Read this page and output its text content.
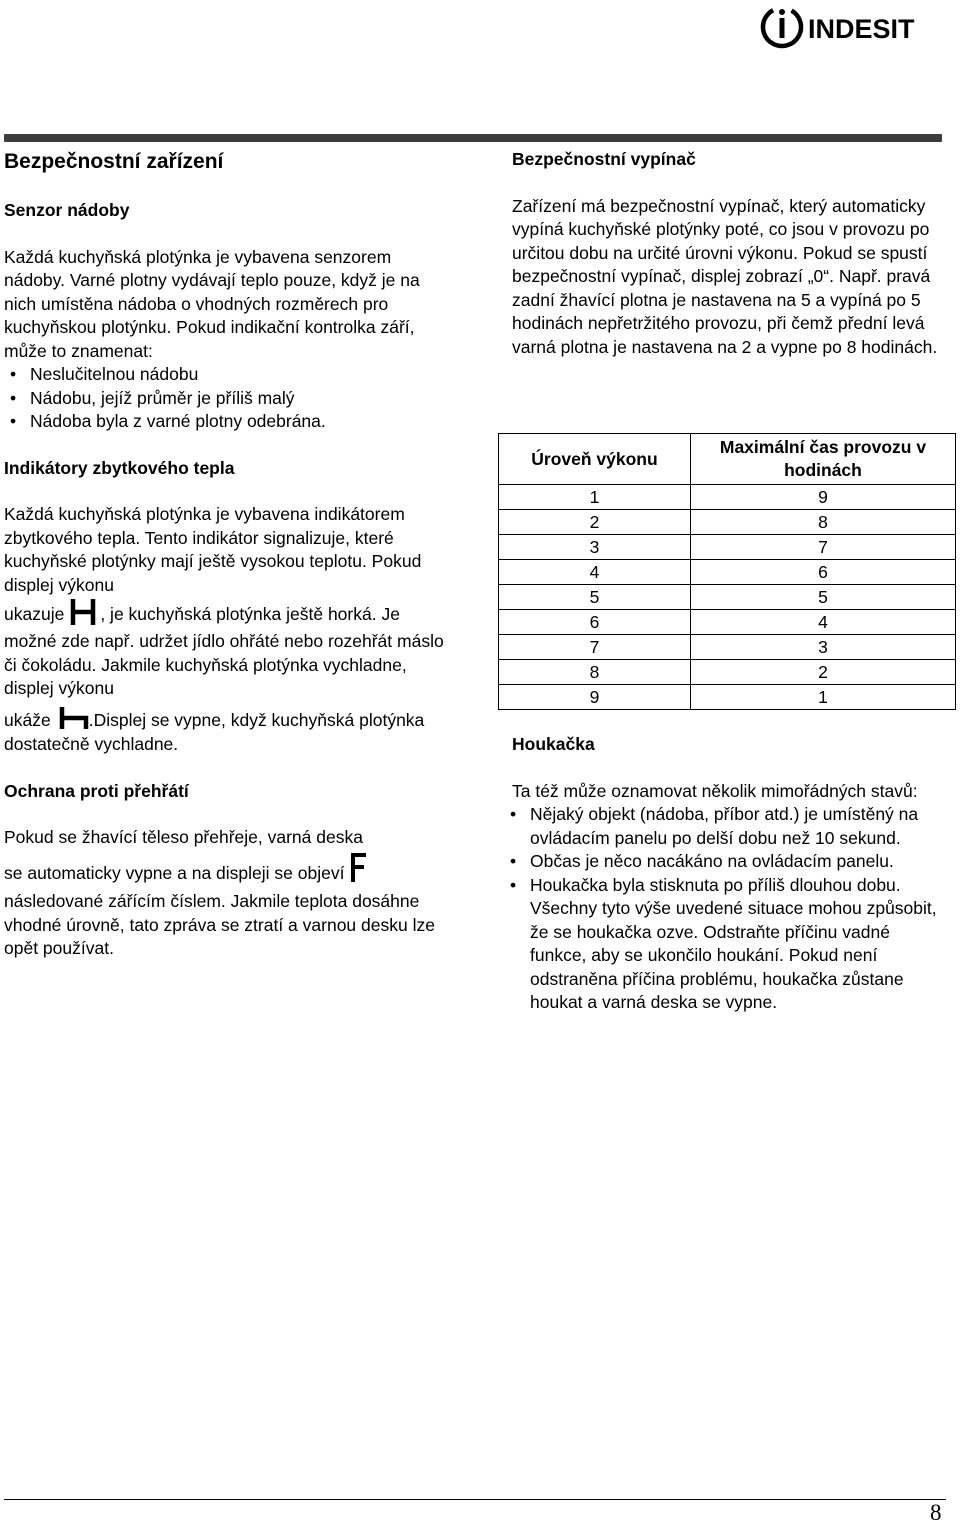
INDESIT

Bezpečnostní zařízení

Senzor nádoby

Každá kuchyňská plotýnka je vybavena senzorem nádoby. Varné plotny vydávají teplo pouze, když je na nich umístěna nádoba o vhodných rozměrech pro kuchyňskou plotýnku. Pokud indikační kontrolka září, může to znamenat:

• Neslučitelnou nádobu
• Nádobu, jejíž průměr je příliš malý
• Nádoba byla z varné plotny odebrána.

Indikátory zbytkového tepla

Každá kuchyňská plotýnka je vybavena indikátorem zbytkového tepla. Tento indikátor signalizuje, které kuchyňské plotýnky mají ještě vysokou teplotu. Pokud displej výkonu
ukazuje , je kuchyňská plotýnka ještě horká. Je možné zde např. udržet jídlo ohřáté nebo rozehřát máslo či čokoládu. Jakmile kuchyňská plotýnka vychladne, displej výkonu
ukáže .Displej se vypne, když kuchyňská plotýnka dostatečně vychladne.

Ochrana proti přehřátí

Pokud se žhavící těleso přehřeje, varná deska
se automaticky vypne a na displeji se objeví
následované zářícím číslem. Jakmile teplota dosáhne vhodné úrovně, tato zpráva se ztratí a varnou desku lze opět používat.

Bezpečnostní vypínač

Zařízení má bezpečnostní vypínač, který automaticky vypíná kuchyňské plotýnky poté, co jsou v provozu po určitou dobu na určité úrovni výkonu. Pokud se spustí bezpečnostní vypínač, displej zobrazí „0“. Např. pravá zadní žhavící plotna je nastavena na 5 a vypíná po 5 hodinách nepřetržitého provozu, při čemž přední levá varná plotna je nastavena na 2 a vypne po 8 hodinách.

Úroveň výkonu	Maximální čas provozu v hodinách
1	9
2	8
3	7
4	6
5	5
6	4
7	3
8	2
9	1

Houkačka

Ta též může oznamovat několik mimořádných stavů:

• Nějaký objekt (nádoba, příbor atd.) je umístěný na ovládacím panelu po delší dobu než 10 sekund.
• Občas je něco nacákáno na ovládacím panelu.
• Houkačka byla stisknuta po příliš dlouhou dobu. Všechny tyto výše uvedené situace mohou způsobit, že se houkačka ozve. Odstraňte příčinu vadné funkce, aby se ukončilo houkání. Pokud není odstraněna příčina problému, houkačka zůstane houkat a varná deska se vypne.
8
